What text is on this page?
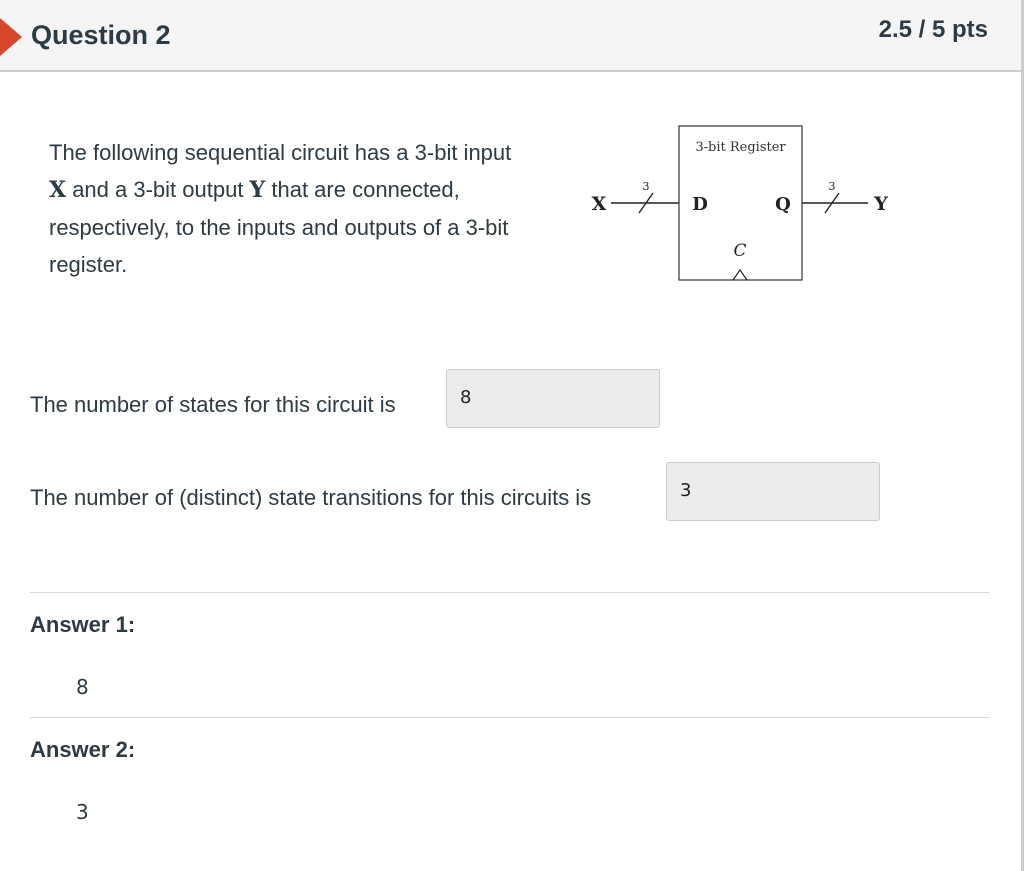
Question 2	2.5 / 5 pts
The following sequential circuit has a 3-bit input X and a 3-bit output Y that are connected, respectively, to the inputs and outputs of a 3-bit register.
3-bit Register
X
3
D	Q
3
Y
C
The number of states for this circuit is	8
The number of (distinct) state transitions for this circuits is	3
Answer 1:
8
Answer 2:
3
